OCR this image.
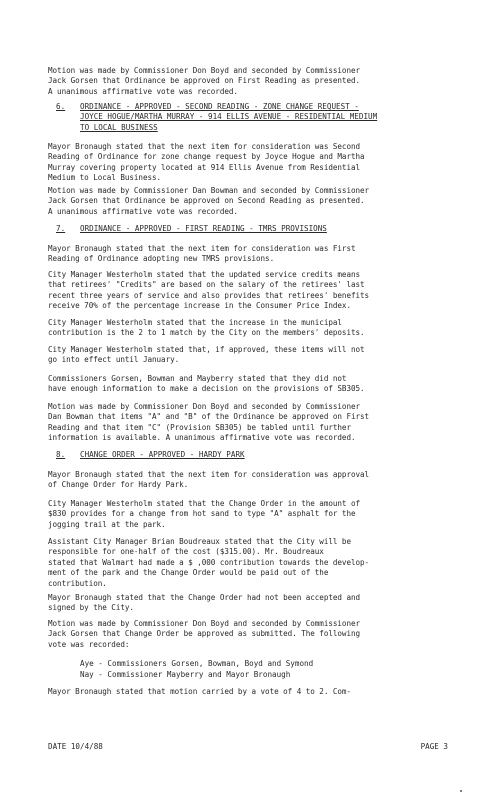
Motion was made by Commissioner Don Boyd and seconded by Commissioner
Jack Gorsen that Ordinance be approved on First Reading as presented.
A unanimous affirmative vote was recorded.
6. ORDINANCE - APPROVED - SECOND READING - ZONE CHANGE REQUEST -
JOYCE HOGUE/MARTHA MURRAY - 914 ELLIS AVENUE - RESIDENTIAL MEDIUM
TO LOCAL BUSINESS
Mayor Bronaugh stated that the next item for consideration was Second
Reading of Ordinance for zone change request by Joyce Hogue and Martha
Murray covering property located at 914 Ellis Avenue from Residential
Medium to Local Business.
Motion was made by Commissioner Dan Bowman and seconded by Commissioner
Jack Gorsen that Ordinance be approved on Second Reading as presented.
A unanimous affirmative vote was recorded.
7. ORDINANCE - APPROVED - FIRST READING - TMRS PROVISIONS
Mayor Bronaugh stated that the next item for consideration was First
Reading of Ordinance adopting new TMRS provisions.
City Manager Westerholm stated that the updated service credits means
that retirees' "Credits" are based on the salary of the retirees' last
recent three years of service and also provides that retirees' benefits
receive 70% of the percentage increase in the Consumer Price Index.
City Manager Westerholm stated that the increase in the municipal
contribution is the 2 to 1 match by the City on the members' deposits.
City Manager Westerholm stated that, if approved, these items will not
go into effect until January.
Commissioners Gorsen, Bowman and Mayberry stated that they did not
have enough information to make a decision on the provisions of SB305.
Motion was made by Commissioner Don Boyd and seconded by Commissioner
Dan Bowman that items "A" and "B" of the Ordinance be approved on First
Reading and that item "C" (Provision SB305) be tabled until further
information is available. A unanimous affirmative vote was recorded.
8. CHANGE ORDER - APPROVED - HARDY PARK
Mayor Bronaugh stated that the next item for consideration was approval
of Change Order for Hardy Park.
City Manager Westerholm stated that the Change Order in the amount of
$830 provides for a change from hot sand to type "A" asphalt for the
jogging trail at the park.
Assistant City Manager Brian Boudreaux stated that the City will be
responsible for one-half of the cost ($315.00). Mr. Boudreaux
stated that Walmart had made a $ ,000 contribution towards the develop-
ment of the park and the Change Order would be paid out of the
contribution.
Mayor Bronaugh stated that the Change Order had not been accepted and
signed by the City.
Motion was made by Commissioner Don Boyd and seconded by Commissioner
Jack Gorsen that Change Order be approved as submitted. The following
vote was recorded:
Aye - Commissioners Gorsen, Bowman, Boyd and Symond
Nay - Commissioner Mayberry and Mayor Bronaugh
Mayor Bronaugh stated that motion carried by a vote of 4 to 2. Com-
DATE 10/4/88	PAGE 3
